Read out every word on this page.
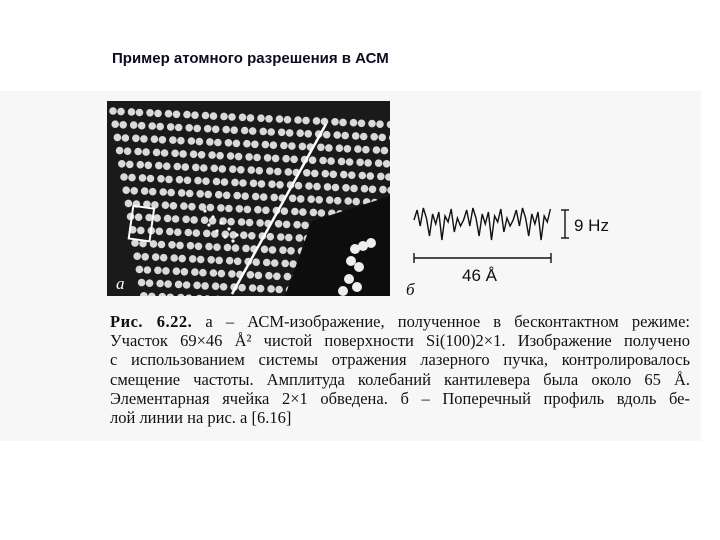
Пример атомного разрешения в АСМ
а
9 Hz
46 Å
б
Рис. 6.22. а – АСМ-изображение, полученное в бесконтактном режиме:
Участок 69×46 Å² чистой поверхности Si(100)2×1. Изображение получено
с использованием системы отражения лазерного пучка, контролировалось
смещение частоты. Амплитуда колебаний кантилевера была около 65 Å.
Элементарная ячейка 2×1 обведена. б – Поперечный профиль вдоль бе-
лой линии на рис. а [6.16]
